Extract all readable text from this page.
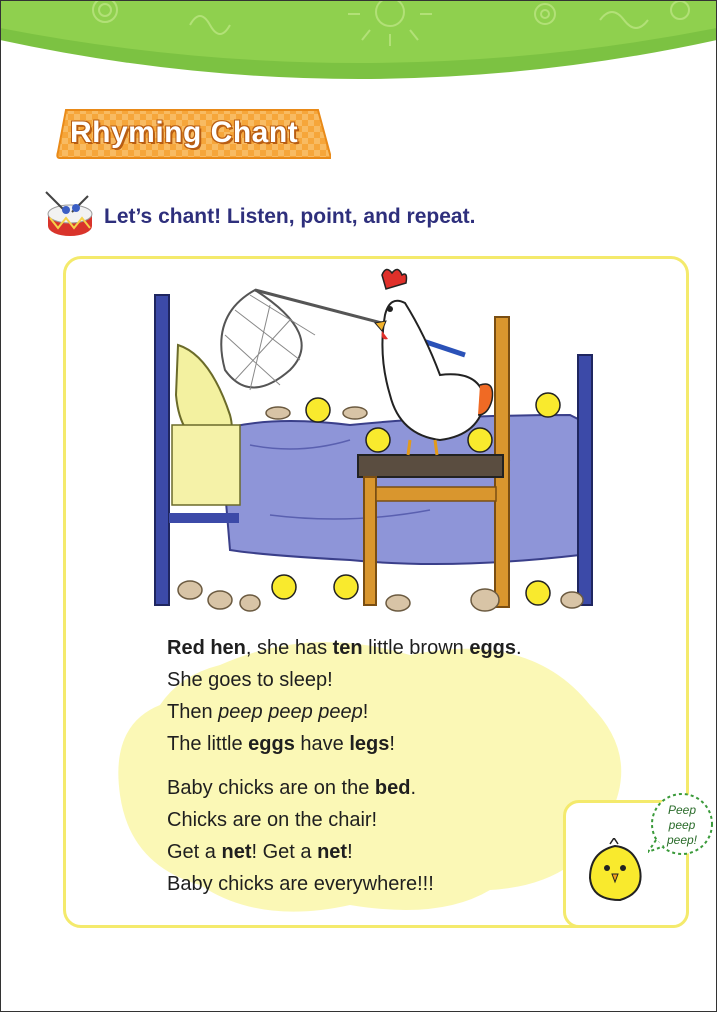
Rhyming Chant
Let’s chant! Listen, point, and repeat.
Red hen, she has ten little brown eggs.
She goes to sleep!
Then peep peep peep!
The little eggs have legs!
Baby chicks are on the bed.
Chicks are on the chair!
Get a net! Get a net!
Baby chicks are everywhere!!!
Peep
peep
peep!
